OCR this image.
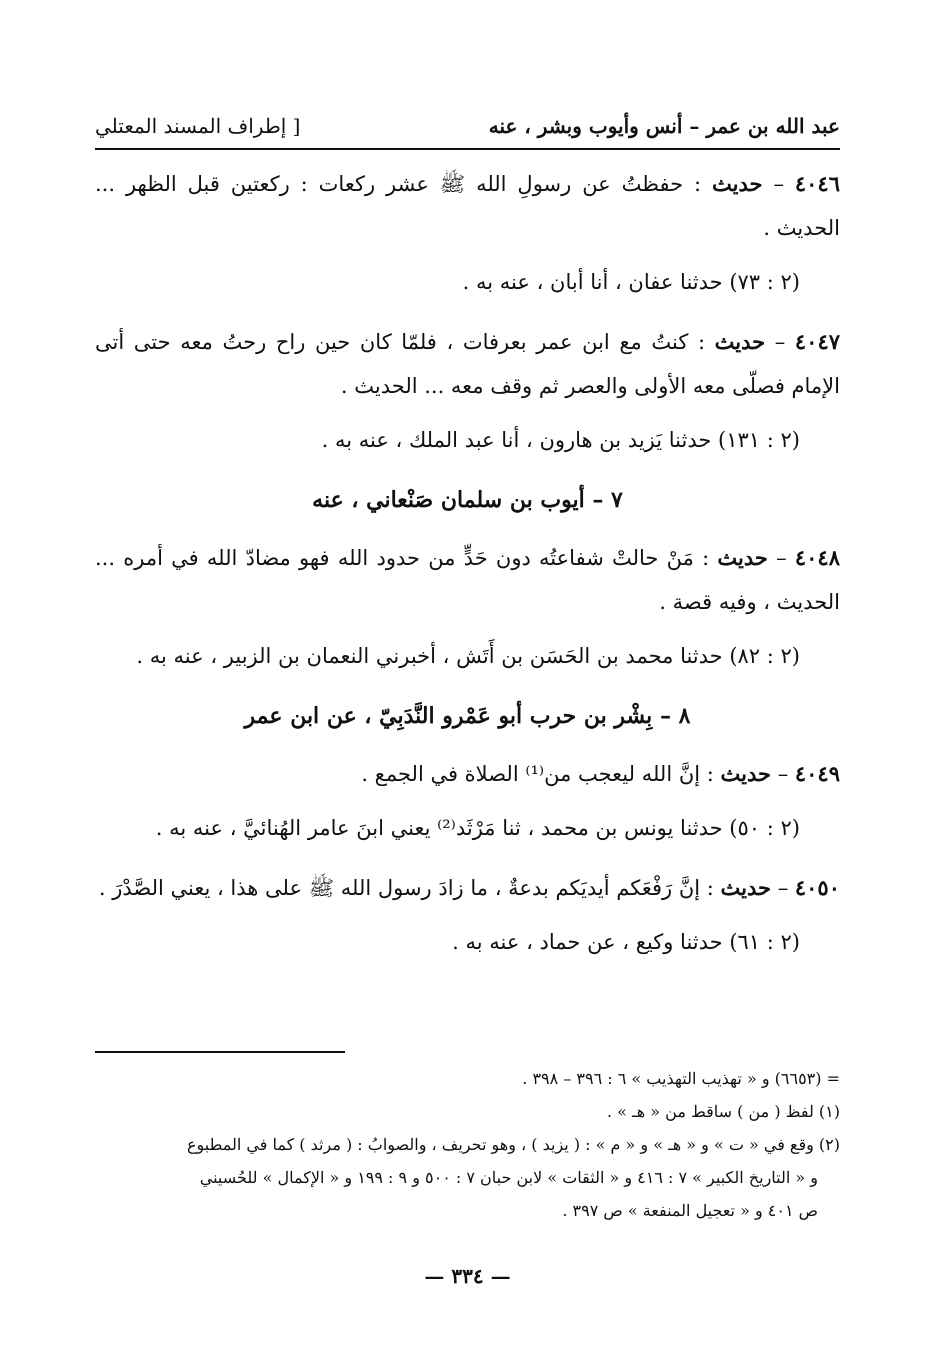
عبد الله بن عمر – أنس وأيوب وبشر ، عنه
[ إطراف المسند المعتلي

٤٠٤٦ – حديث : حفظتُ عن رسولِ الله ﷺ عشر ركعات : ركعتين قبل الظهر ... الحديث .

(٢ : ٧٣) حدثنا عفان ، أنا أبان ، عنه به .

٤٠٤٧ – حديث : كنتُ مع ابن عمر بعرفات ، فلمّا كان حين راح رحتُ معه حتى أتى الإمام فصلّى معه الأولى والعصر ثم وقف معه ... الحديث .

(٢ : ١٣١) حدثنا يَزيد بن هارون ، أنا عبد الملك ، عنه به .

٧ – أيوب بن سلمان صَنْعاني ، عنه

٤٠٤٨ – حديث : مَنْ حالتْ شفاعتُه دون حَدٍّ من حدود الله فهو مضادّ الله في أمره ... الحديث ، وفيه قصة .

(٢ : ٨٢) حدثنا محمد بن الحَسَن بن أَتَش ، أخبرني النعمان بن الزبير ، عنه به .

٨ – بِشْر بن حرب أبو عَمْرو النَّدَبِيّ ، عن ابن عمر

٤٠٤٩ – حديث : إنَّ الله ليعجب من⁽¹⁾ الصلاة في الجمع .

(٢ : ٥٠) حدثنا يونس بن محمد ، ثنا مَرْثَد⁽²⁾ يعني ابنَ عامر الهُنائيَّ ، عنه به .

٤٠٥٠ – حديث : إنَّ رَفْعَكم أيديَكم بدعةٌ ، ما زادَ رسول الله ﷺ على هذا ، يعني الصَّدْرَ .

(٢ : ٦١) حدثنا وكيع ، عن حماد ، عنه به .

= (٦٦٥٣) و « تهذيب التهذيب » ٦ : ٣٩٦ – ٣٩٨ .

(١) لفظ ( من ) ساقط من « هـ » .

(٢) وقع في « ت » و « هـ » و « م » : ( يزيد ) ، وهو تحريف ، والصوابُ : ( مرثد ) كما في المطبوع

و « التاريخ الكبير » ٧ : ٤١٦ و « الثقات » لابن حبان ٧ : ٥٠٠ و ٩ : ١٩٩ و « الإكمال » للحُسيني

ص ٤٠١ و « تعجيل المنفعة » ص ٣٩٧ .

— ٣٣٤ —
